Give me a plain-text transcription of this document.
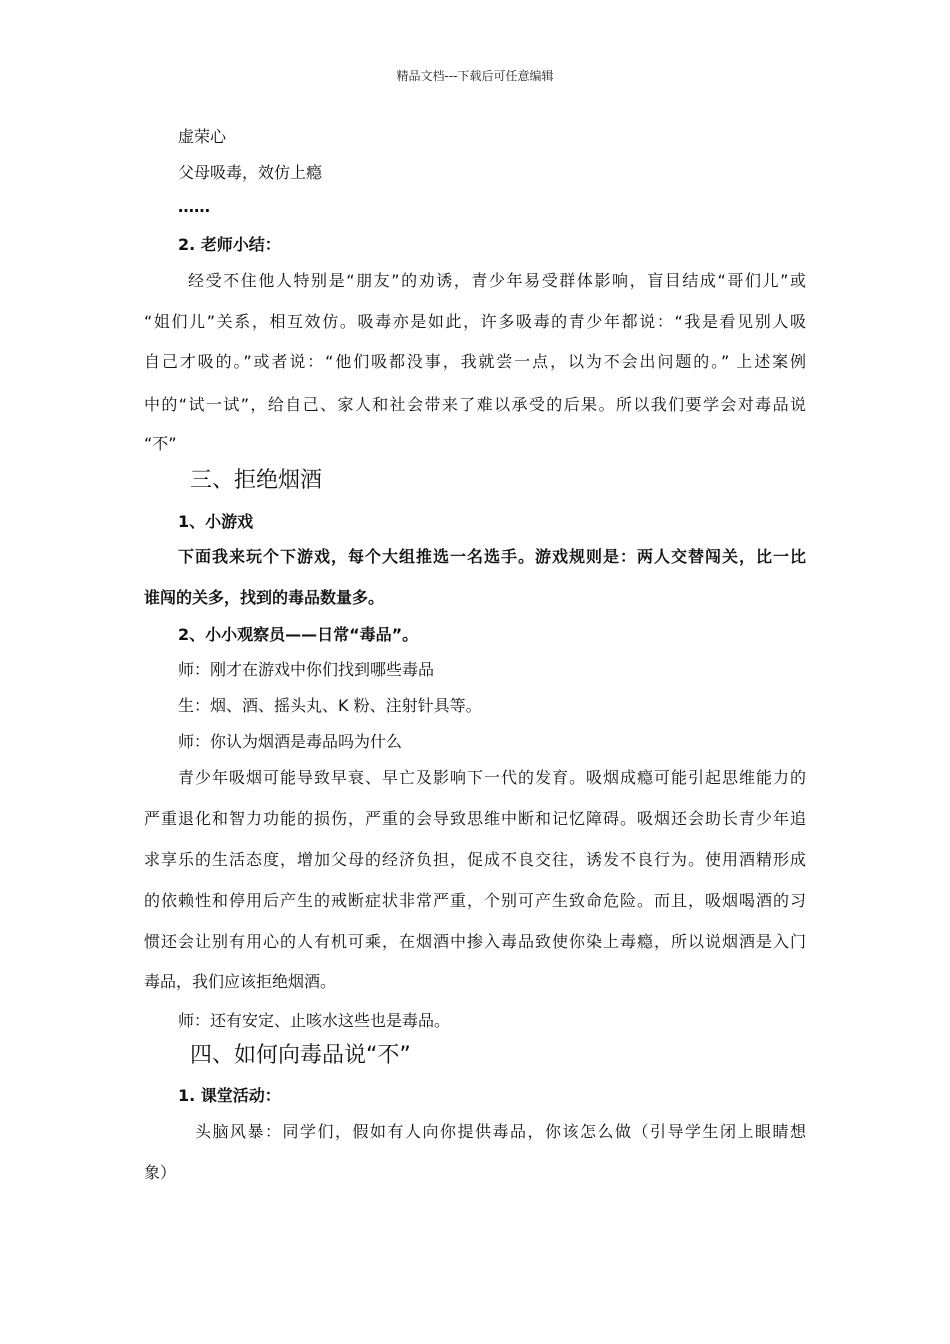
精品文档---下载后可任意编辑
虚荣心
父母吸毒，效仿上瘾
……
2. 老师小结：
经受不住他人特别是“朋友”的劝诱，青少年易受群体影响，盲目结成“哥们儿”或
“姐们儿”关系，相互效仿。吸毒亦是如此，许多吸毒的青少年都说：“我是看见别人吸
自己才吸的。”或者说：“他们吸都没事，我就尝一点，以为不会出问题的。” 上述案例
中的“试一试”，给自己、家人和社会带来了难以承受的后果。所以我们要学会对毒品说
“不”
三、拒绝烟酒
1、小游戏
下面我来玩个下游戏，每个大组推选一名选手。游戏规则是：两人交替闯关，比一比
谁闯的关多，找到的毒品数量多。
2、小小观察员——日常“毒品”。
师：刚才在游戏中你们找到哪些毒品
生：烟、酒、摇头丸、K 粉、注射针具等。
师：你认为烟酒是毒品吗为什么
青少年吸烟可能导致早衰、早亡及影响下一代的发育。吸烟成瘾可能引起思维能力的
严重退化和智力功能的损伤，严重的会导致思维中断和记忆障碍。吸烟还会助长青少年追
求享乐的生活态度，增加父母的经济负担，促成不良交往，诱发不良行为。使用酒精形成
的依赖性和停用后产生的戒断症状非常严重，个别可产生致命危险。而且，吸烟喝酒的习
惯还会让别有用心的人有机可乘，在烟酒中掺入毒品致使你染上毒瘾，所以说烟酒是入门
毒品，我们应该拒绝烟酒。
师：还有安定、止咳水这些也是毒品。
四、如何向毒品说“不”
1. 课堂活动：
头脑风暴：同学们，假如有人向你提供毒品，你该怎么做（引导学生闭上眼睛想
象）
